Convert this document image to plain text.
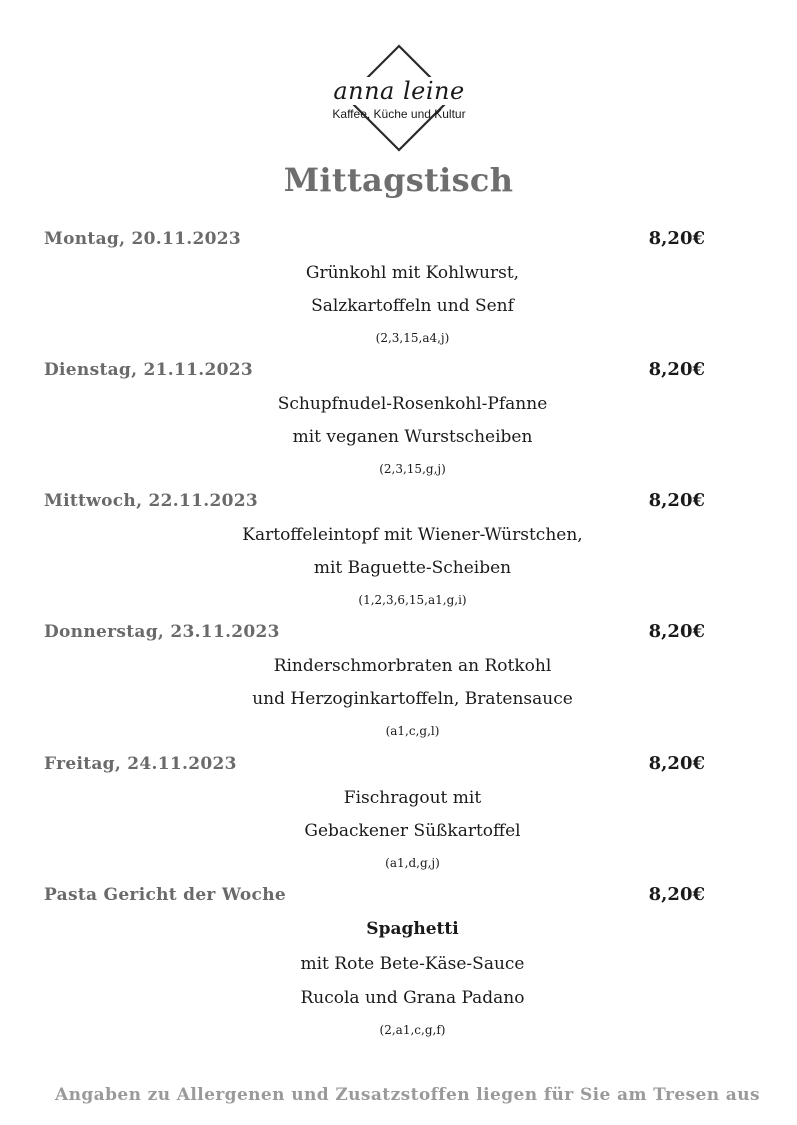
anna leine
Kaffee, Küche und Kultur
Mittagstisch
Montag, 20.11.2023	8,20€
Grünkohl mit Kohlwurst,
Salzkartoffeln und Senf
(2,3,15,a4,j)
Dienstag, 21.11.2023	8,20€
Schupfnudel-Rosenkohl-Pfanne
mit veganen Wurstscheiben
(2,3,15,g,j)
Mittwoch, 22.11.2023	8,20€
Kartoffeleintopf mit Wiener-Würstchen,
mit Baguette-Scheiben
(1,2,3,6,15,a1,g,i)
Donnerstag, 23.11.2023	8,20€
Rinderschmorbraten an Rotkohl
und Herzoginkartoffeln, Bratensauce
(a1,c,g,l)
Freitag, 24.11.2023	8,20€
Fischragout mit
Gebackener Süßkartoffel
(a1,d,g,j)
Pasta Gericht der Woche	8,20€
Spaghetti
mit Rote Bete-Käse-Sauce
Rucola und Grana Padano
(2,a1,c,g,f)
Angaben zu Allergenen und Zusatzstoffen liegen für Sie am Tresen aus
